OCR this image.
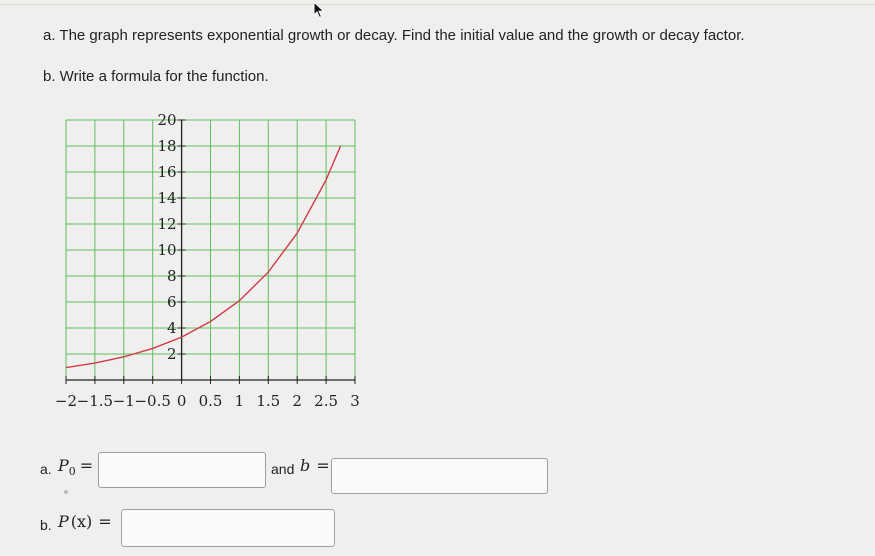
a. The graph represents exponential growth or decay. Find the initial value and the growth or decay factor.
b. Write a formula for the function.
−2 −1.5 −1 −0.5 0 0.5 1 1.5 2 2.5 3
2
4
6
8
10
12
14
16
18
20
a. $P_0$ =	and b =
b. P (x) =
